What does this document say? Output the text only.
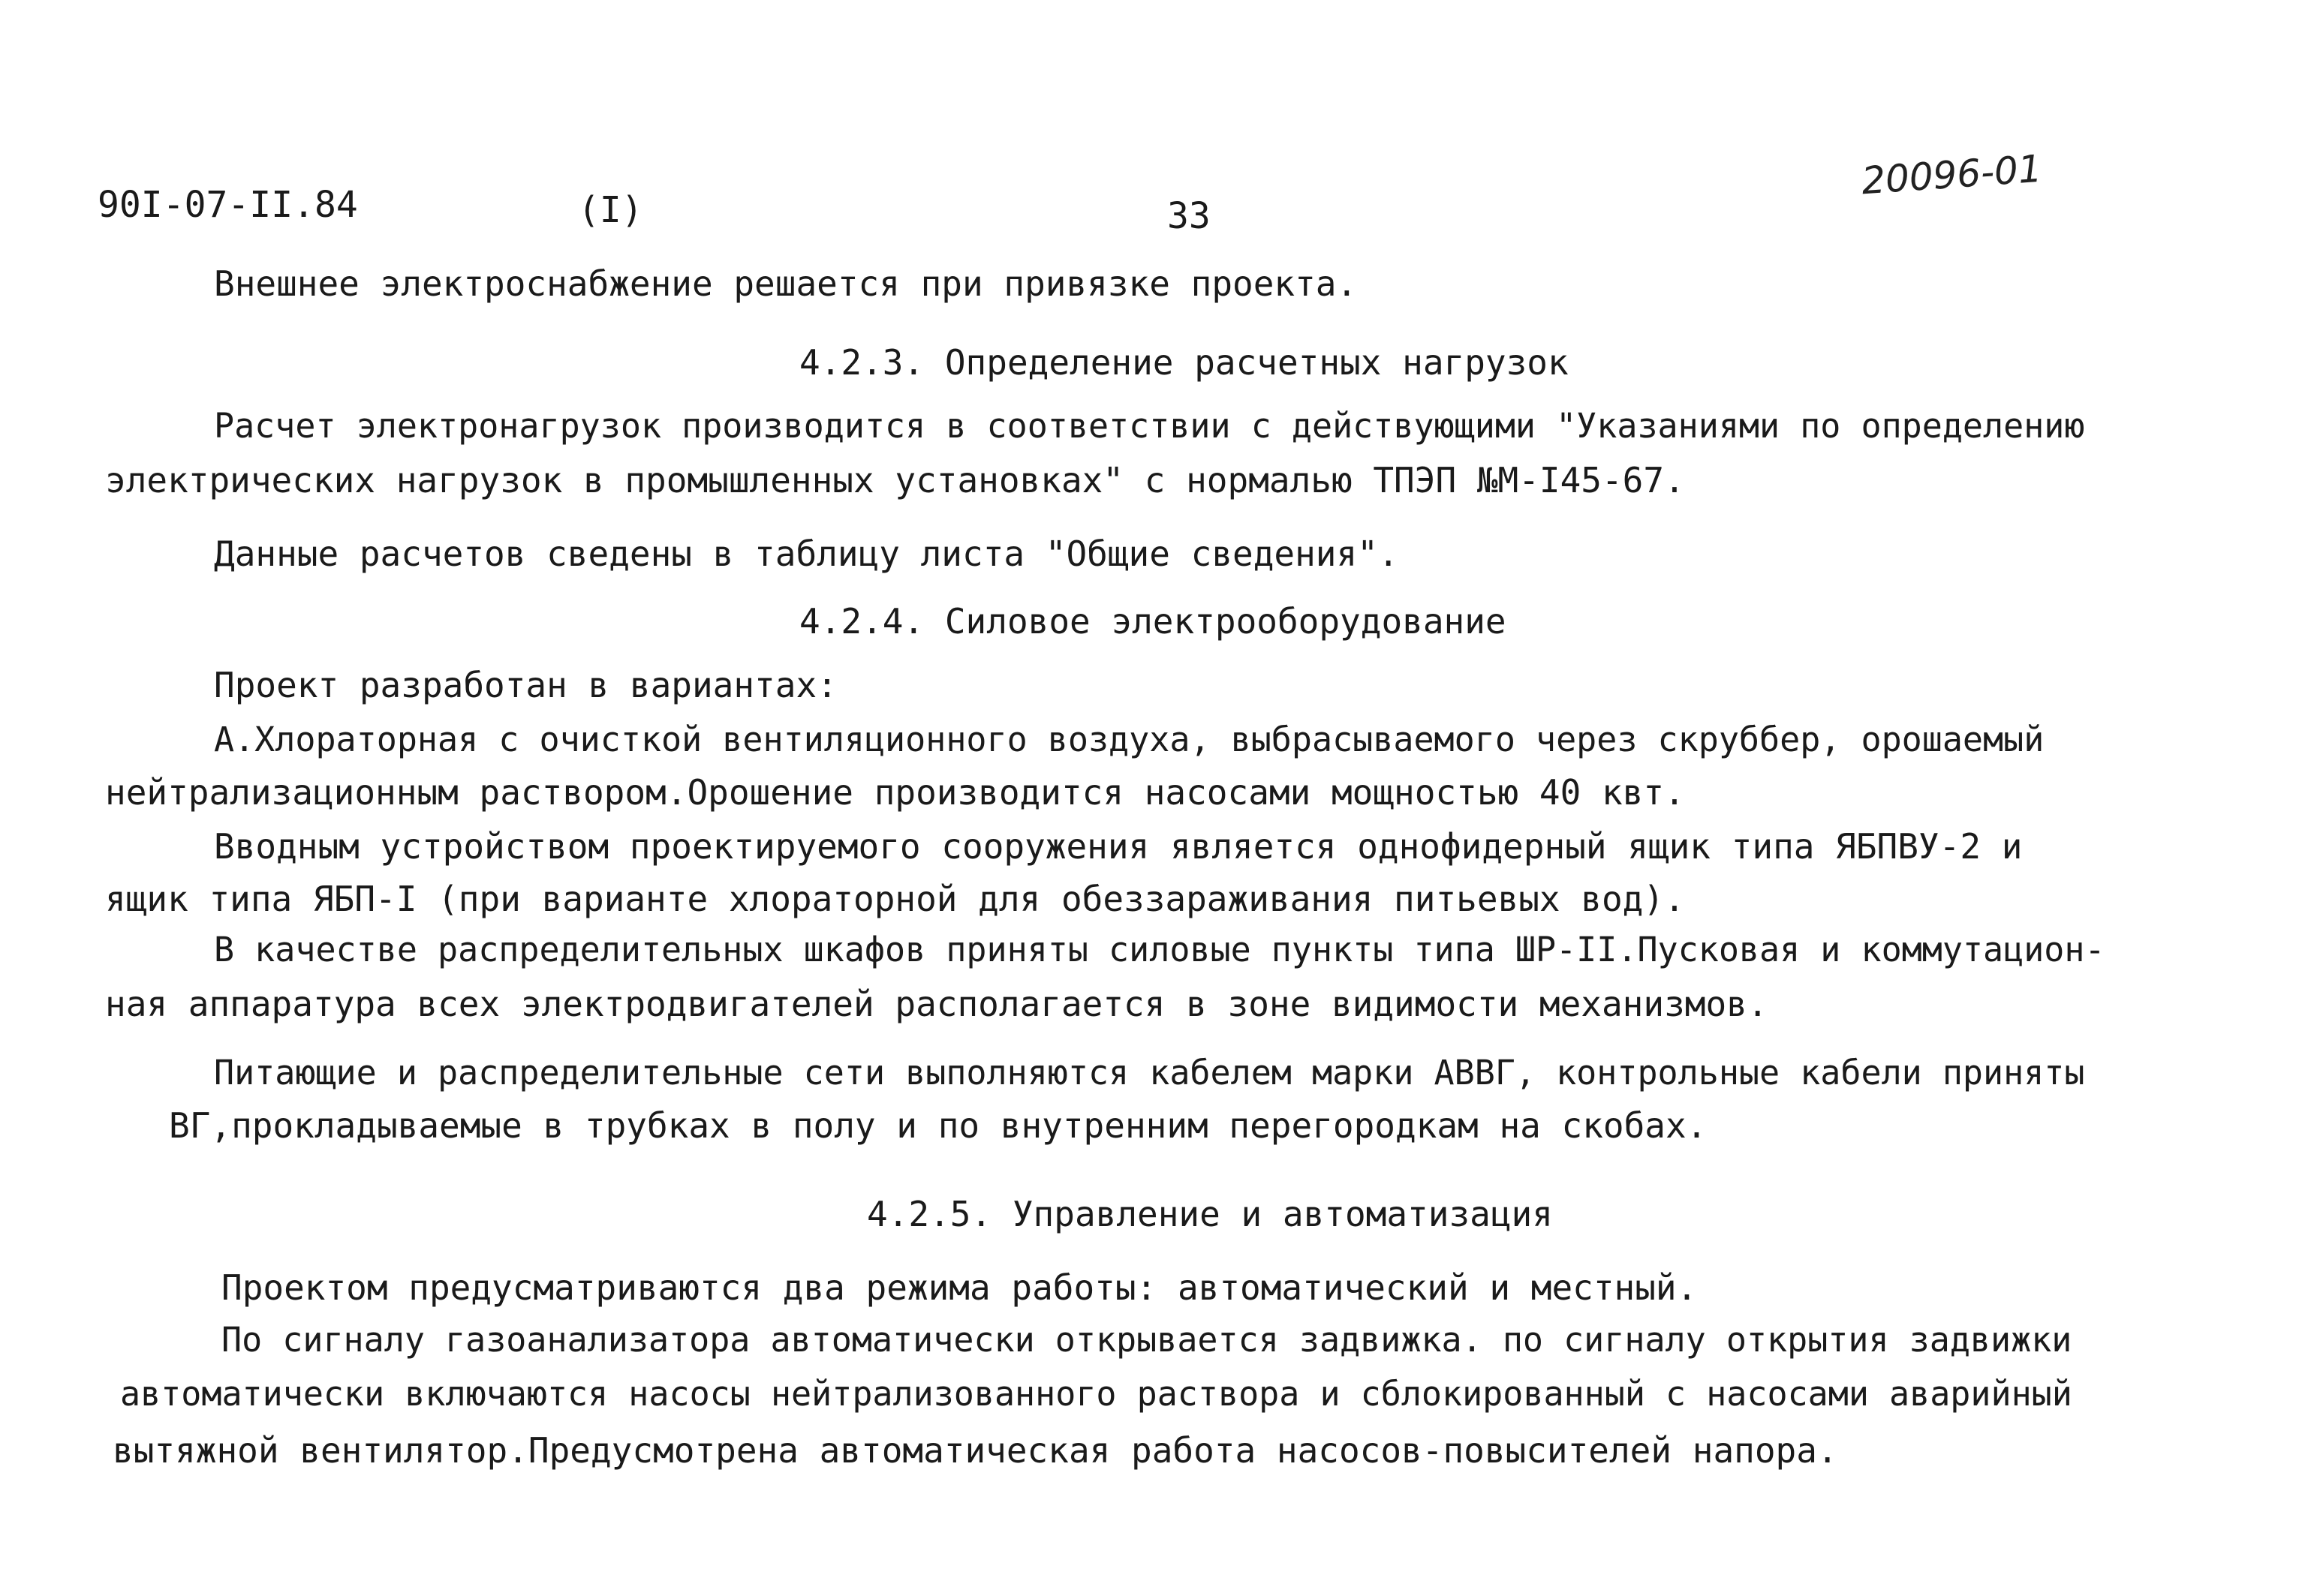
90I-07-II.84	(I)	33
20096-01
Внешнее электроснабжение решается при привязке проекта.
4.2.3. Определение расчетных нагрузок
Расчет электронагрузок производится в соответствии с действующими "Указаниями по определению
электрических нагрузок в промышленных установках" с нормалью ТПЭП №М-I45-67.
Данные расчетов сведены в таблицу листа "Общие сведения".
4.2.4. Силовое электрооборудование
Проект разработан в вариантах:
А.Хлораторная с очисткой вентиляционного воздуха, выбрасываемого через скруббер, орошаемый
нейтрализационным раствором.Орошение производится насосами мощностью 40 квт.
Вводным устройством проектируемого сооружения является однофидерный ящик типа ЯБПВУ-2 и
ящик типа ЯБП-I (при варианте хлораторной для обеззараживания питьевых вод).
В качестве распределительных шкафов приняты силовые пункты типа ШР-II.Пусковая и коммутацион-
ная аппаратура всех электродвигателей располагается в зоне видимости механизмов.
Питающие и распределительные сети выполняются кабелем марки АВВГ, контрольные кабели приняты
ВГ,прокладываемые в трубках в полу и по внутренним перегородкам на скобах.
4.2.5. Управление и автоматизация
Проектом предусматриваются два режима работы: автоматический и местный.
По сигналу газоанализатора автоматически открывается задвижка. по сигналу открытия задвижки
автоматически включаются насосы нейтрализованного раствора и сблокированный с насосами аварийный
вытяжной вентилятор.Предусмотрена автоматическая работа насосов-повысителей напора.
